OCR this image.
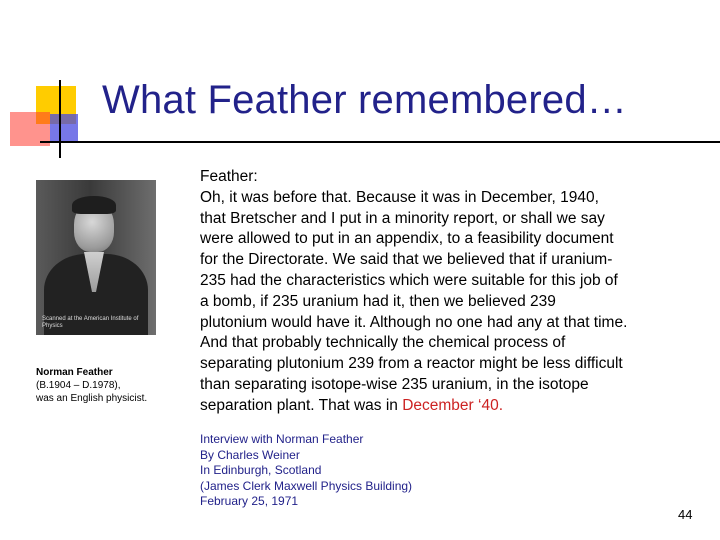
What Feather remembered…
Scanned at the American Institute of Physics
Norman Feather
(B.1904 – D.1978),
was an English physicist.
Feather:
Oh, it was before that. Because it was in December, 1940,
that Bretscher and I put in a minority report, or shall we say
were allowed to put in an appendix, to a feasibility document
for the Directorate. We said that we believed that if uranium-
235 had the characteristics which were suitable for this job of
a bomb, if 235 uranium had it, then we believed 239
plutonium would have it. Although no one had any at that time.
And that probably technically the chemical process of
separating plutonium 239 from a reactor might be less difficult
than separating isotope-wise 235 uranium, in the isotope
separation plant. That was in December ‘40.
Interview with Norman Feather
By Charles Weiner
In Edinburgh, Scotland
(James Clerk Maxwell Physics Building)
February 25, 1971
44
